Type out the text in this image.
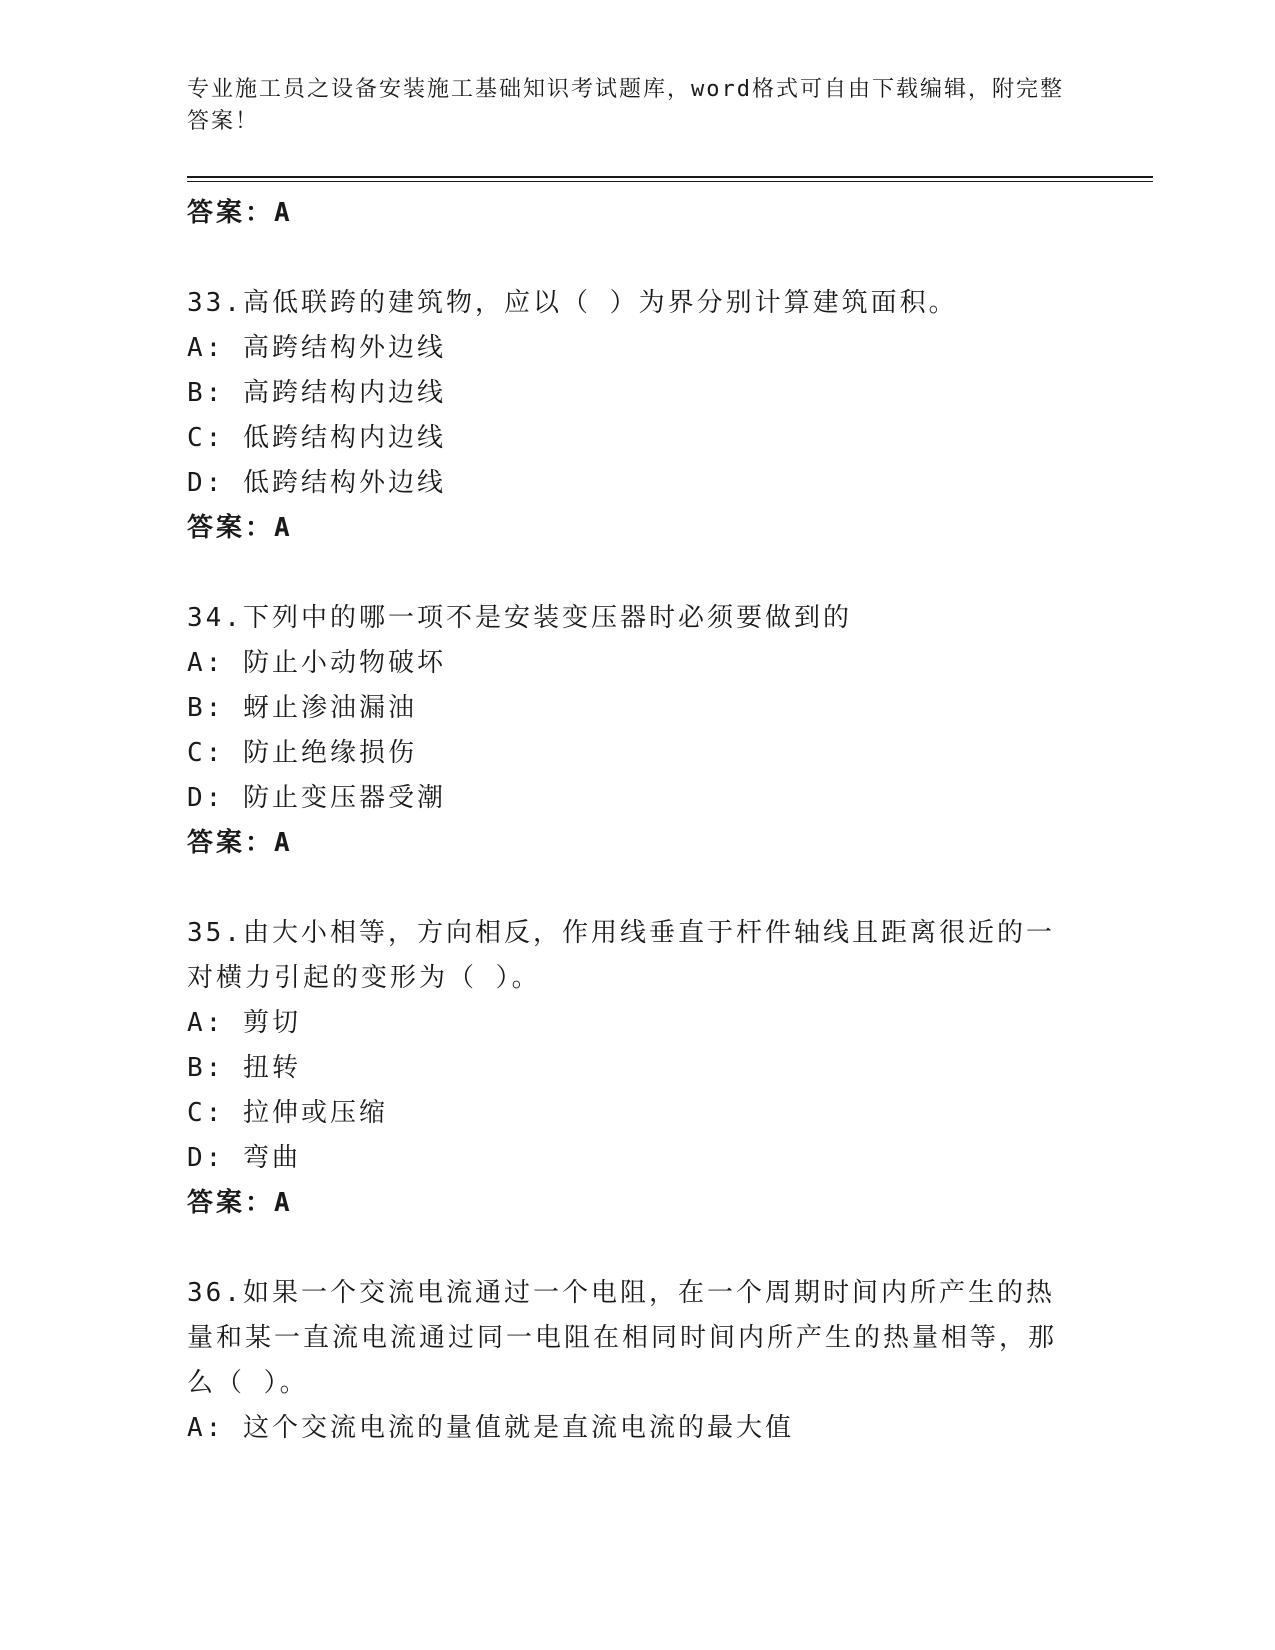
专业施工员之设备安装施工基础知识考试题库，word格式可自由下载编辑，附完整答案！
答案：A
33.高低联跨的建筑物，应以（ ）为界分别计算建筑面积。
A: 高跨结构外边线
B: 高跨结构内边线
C: 低跨结构内边线
D: 低跨结构外边线
答案：A
34.下列中的哪一项不是安装变压器时必须要做到的
A: 防止小动物破坏
B: 蚜止渗油漏油
C: 防止绝缘损伤
D: 防止变压器受潮
答案：A
35.由大小相等，方向相反，作用线垂直于杆件轴线且距离很近的一对横力引起的变形为（ ）。
A: 剪切
B: 扭转
C: 拉伸或压缩
D: 弯曲
答案：A
36.如果一个交流电流通过一个电阻，在一个周期时间内所产生的热量和某一直流电流通过同一电阻在相同时间内所产生的热量相等，那么（ ）。
A: 这个交流电流的量值就是直流电流的最大值
